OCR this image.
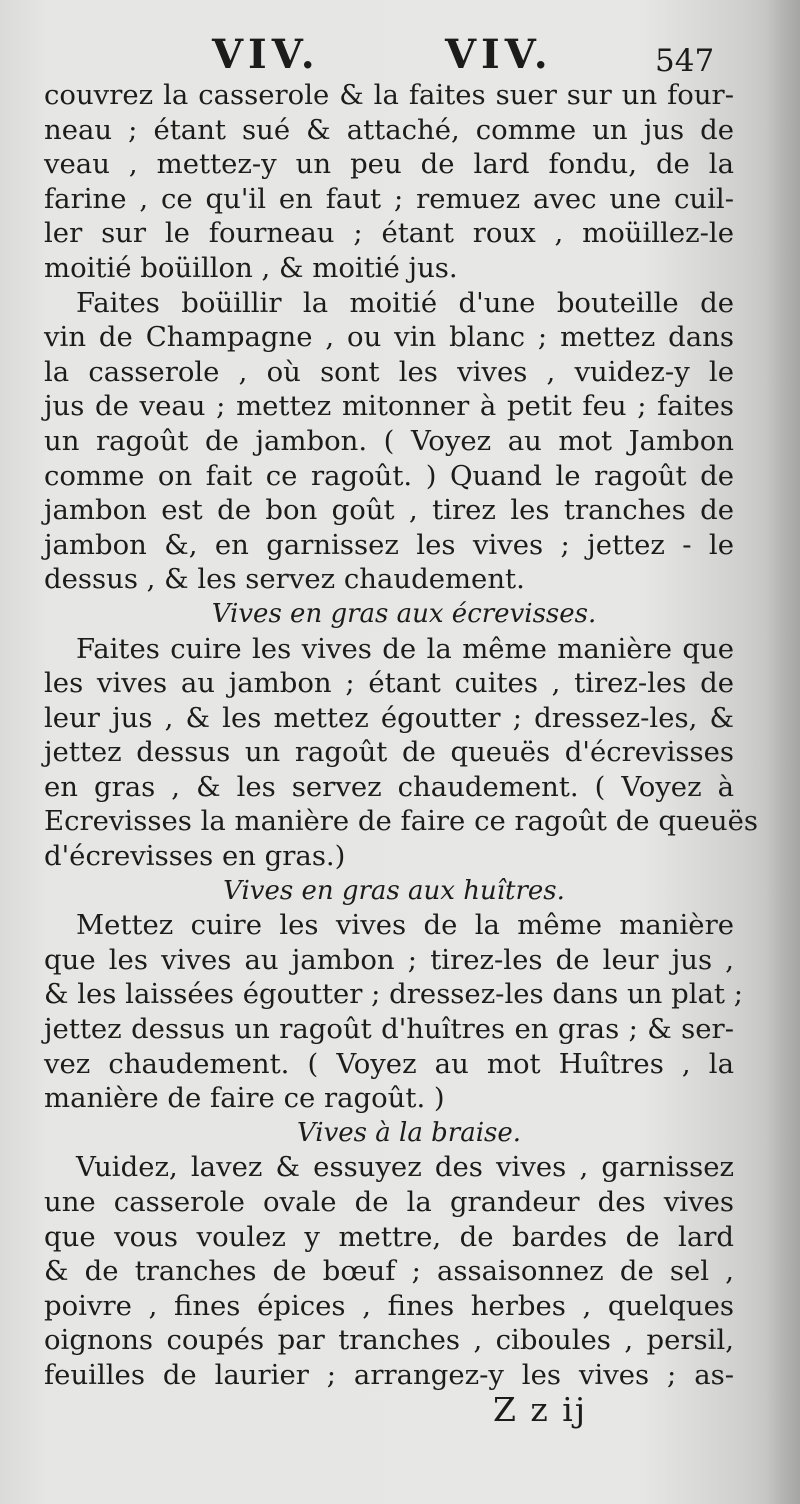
VIV.	VIV.	547
couvrez la casserole & la faites suer sur un four-
neau ; étant sué & attaché, comme un jus de
veau , mettez-y un peu de lard fondu, de la
farine , ce qu'il en faut ; remuez avec une cuil-
ler sur le fourneau ; étant roux , moüillez-le
moitié boüillon , & moitié jus.
Faites boüillir la moitié d'une bouteille de
vin de Champagne , ou vin blanc ; mettez dans
la casserole , où sont les vives , vuidez-y le
jus de veau ; mettez mitonner à petit feu ; faites
un ragoût de jambon. ( Voyez au mot Jambon
comme on fait ce ragoût. ) Quand le ragoût de
jambon est de bon goût , tirez les tranches de
jambon &, en garnissez les vives ; jettez - le
dessus , & les servez chaudement.
Vives en gras aux écrevisses.
Faites cuire les vives de la même manière que
les vives au jambon ; étant cuites , tirez-les de
leur jus , & les mettez égoutter ; dressez-les, &
jettez dessus un ragoût de queuës d'écrevisses
en gras , & les servez chaudement. ( Voyez à
Ecrevisses la manière de faire ce ragoût de queuës
d'écrevisses en gras.)
Vives en gras aux huîtres.
Mettez cuire les vives de la même manière
que les vives au jambon ; tirez-les de leur jus ,
& les laissées égoutter ; dressez-les dans un plat ;
jettez dessus un ragoût d'huîtres en gras ; & ser-
vez chaudement. ( Voyez au mot Huîtres , la
manière de faire ce ragoût. )
Vives à la braise.
Vuidez, lavez & essuyez des vives , garnissez
une casserole ovale de la grandeur des vives
que vous voulez y mettre, de bardes de lard
& de tranches de bœuf ; assaisonnez de sel ,
poivre , fines épices , fines herbes , quelques
oignons coupés par tranches , ciboules , persil,
feuilles de laurier ; arrangez-y les vives ; as-
Z z ij
